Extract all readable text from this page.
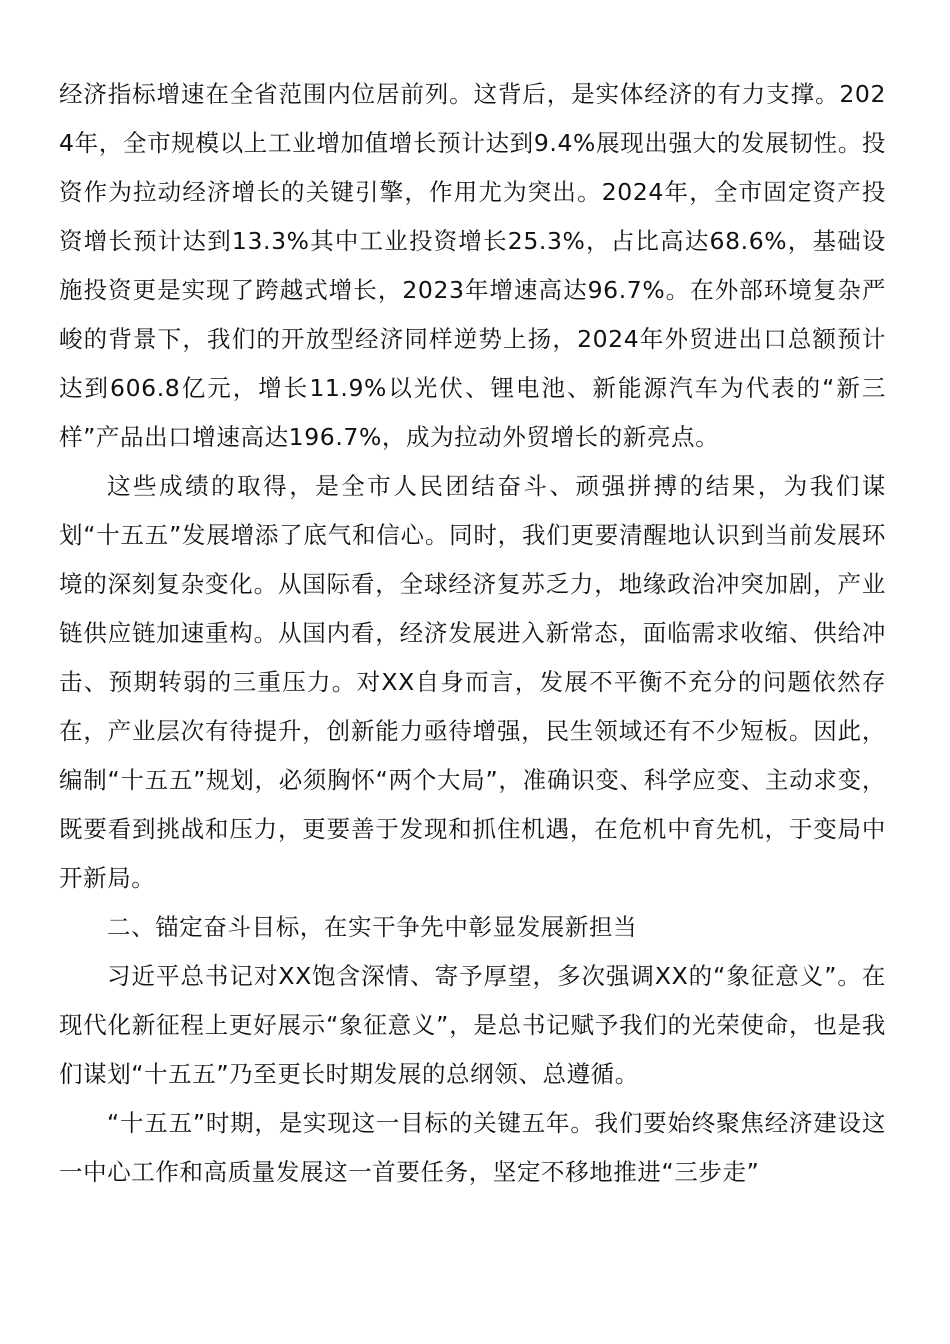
经济指标增速在全省范围内位居前列。这背后，是实体经济的有力支撑。2024年，全市规模以上工业增加值增长预计达到9.4%展现出强大的发展韧性。投资作为拉动经济增长的关键引擎，作用尤为突出。2024年，全市固定资产投资增长预计达到13.3%其中工业投资增长25.3%，占比高达68.6%，基础设施投资更是实现了跨越式增长，2023年增速高达96.7%。在外部环境复杂严峻的背景下，我们的开放型经济同样逆势上扬，2024年外贸进出口总额预计达到606.8亿元，增长11.9%以光伏、锂电池、新能源汽车为代表的“新三样”产品出口增速高达196.7%，成为拉动外贸增长的新亮点。

这些成绩的取得，是全市人民团结奋斗、顽强拼搏的结果，为我们谋划“十五五”发展增添了底气和信心。同时，我们更要清醒地认识到当前发展环境的深刻复杂变化。从国际看，全球经济复苏乏力，地缘政治冲突加剧，产业链供应链加速重构。从国内看，经济发展进入新常态，面临需求收缩、供给冲击、预期转弱的三重压力。对XX自身而言，发展不平衡不充分的问题依然存在，产业层次有待提升，创新能力亟待增强，民生领域还有不少短板。因此，编制“十五五”规划，必须胸怀“两个大局”，准确识变、科学应变、主动求变，既要看到挑战和压力，更要善于发现和抓住机遇，在危机中育先机，于变局中开新局。

二、锚定奋斗目标，在实干争先中彰显发展新担当

习近平总书记对XX饱含深情、寄予厚望，多次强调XX的“象征意义”。在现代化新征程上更好展示“象征意义”，是总书记赋予我们的光荣使命，也是我们谋划“十五五”乃至更长时期发展的总纲领、总遵循。

“十五五”时期，是实现这一目标的关键五年。我们要始终聚焦经济建设这一中心工作和高质量发展这一首要任务，坚定不移地推进“三步走”
